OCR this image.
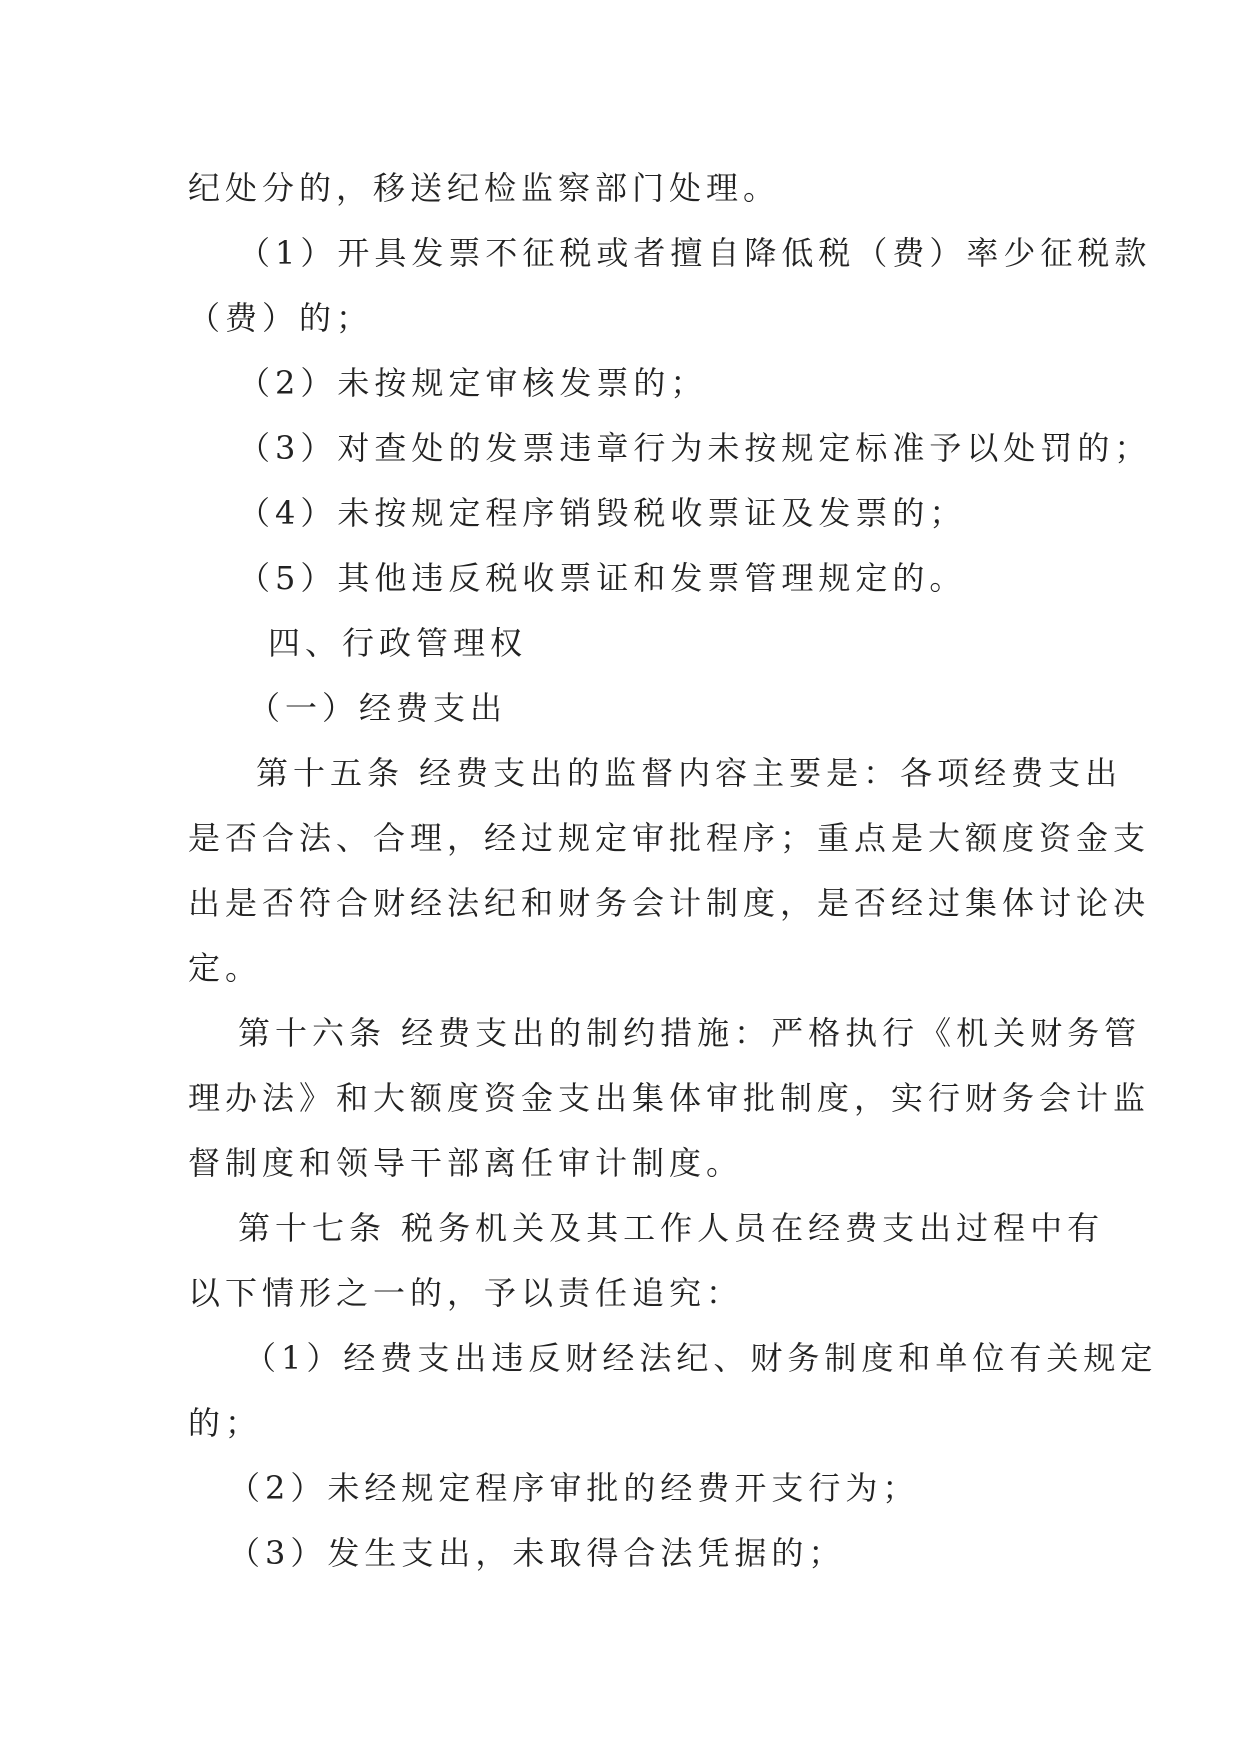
纪处分的，移送纪检监察部门处理。
（1）开具发票不征税或者擅自降低税（费）率少征税款
（费）的；
（2）未按规定审核发票的；
（3）对查处的发票违章行为未按规定标准予以处罚的；
（4）未按规定程序销毁税收票证及发票的；
（5）其他违反税收票证和发票管理规定的。
四、行政管理权
（一）经费支出
第十五条 经费支出的监督内容主要是：各项经费支出
是否合法、合理，经过规定审批程序；重点是大额度资金支
出是否符合财经法纪和财务会计制度，是否经过集体讨论决
定。
第十六条 经费支出的制约措施：严格执行《机关财务管
理办法》和大额度资金支出集体审批制度，实行财务会计监
督制度和领导干部离任审计制度。
第十七条 税务机关及其工作人员在经费支出过程中有
以下情形之一的，予以责任追究：
（1）经费支出违反财经法纪、财务制度和单位有关规定
的；
（2）未经规定程序审批的经费开支行为；
（3）发生支出，未取得合法凭据的；
